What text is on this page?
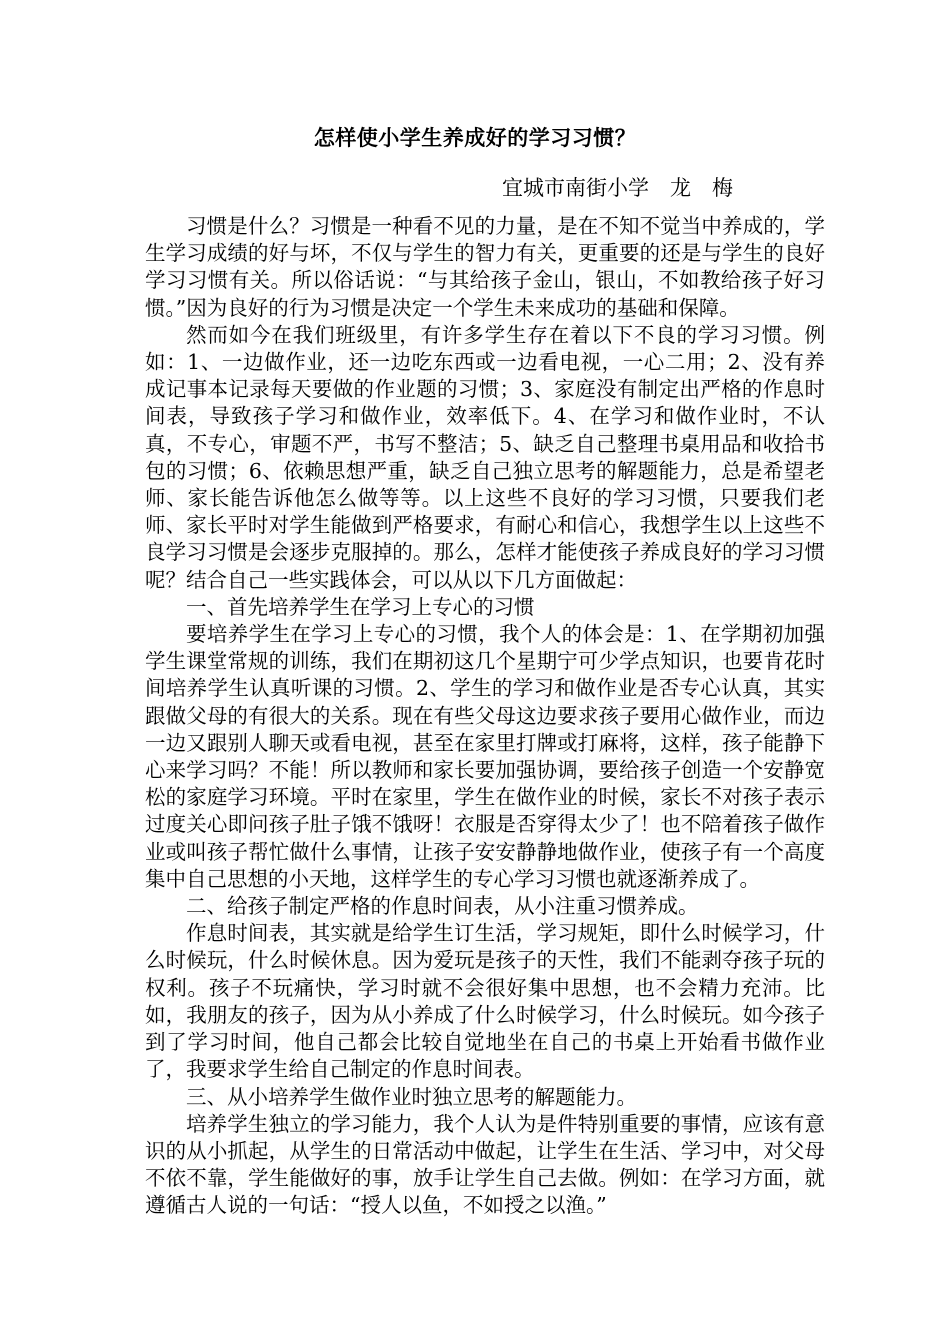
怎样使小学生养成好的学习习惯？
宜城市南街小学　龙　梅

习惯是什么？习惯是一种看不见的力量，是在不知不觉当中养成的，学生学习成绩的好与坏，不仅与学生的智力有关，更重要的还是与学生的良好学习习惯有关。所以俗话说：“与其给孩子金山，银山，不如教给孩子好习惯。”因为良好的行为习惯是决定一个学生未来成功的基础和保障。

然而如今在我们班级里，有许多学生存在着以下不良的学习习惯。例如：1、一边做作业，还一边吃东西或一边看电视，一心二用；2、没有养成记事本记录每天要做的作业题的习惯；3、家庭没有制定出严格的作息时间表，导致孩子学习和做作业，效率低下。4、在学习和做作业时，不认真，不专心，审题不严，书写不整洁；5、缺乏自己整理书桌用品和收拾书包的习惯；6、依赖思想严重，缺乏自己独立思考的解题能力，总是希望老师、家长能告诉他怎么做等等。以上这些不良好的学习习惯，只要我们老师、家长平时对学生能做到严格要求，有耐心和信心，我想学生以上这些不良学习习惯是会逐步克服掉的。那么，怎样才能使孩子养成良好的学习习惯呢？结合自己一些实践体会，可以从以下几方面做起：

一、首先培养学生在学习上专心的习惯

要培养学生在学习上专心的习惯，我个人的体会是：1、在学期初加强学生课堂常规的训练，我们在期初这几个星期宁可少学点知识，也要肯花时间培养学生认真听课的习惯。2、学生的学习和做作业是否专心认真，其实跟做父母的有很大的关系。现在有些父母这边要求孩子要用心做作业，而边一边又跟别人聊天或看电视，甚至在家里打牌或打麻将，这样，孩子能静下心来学习吗？不能！所以教师和家长要加强协调，要给孩子创造一个安静宽松的家庭学习环境。平时在家里，学生在做作业的时候，家长不对孩子表示过度关心即问孩子肚子饿不饿呀！衣服是否穿得太少了！也不陪着孩子做作业或叫孩子帮忙做什么事情，让孩子安安静静地做作业，使孩子有一个高度集中自己思想的小天地，这样学生的专心学习习惯也就逐渐养成了。

二、给孩子制定严格的作息时间表，从小注重习惯养成。

作息时间表，其实就是给学生订生活，学习规矩，即什么时候学习，什么时候玩，什么时候休息。因为爱玩是孩子的天性，我们不能剥夺孩子玩的权利。孩子不玩痛快，学习时就不会很好集中思想，也不会精力充沛。比如，我朋友的孩子，因为从小养成了什么时候学习，什么时候玩。如今孩子到了学习时间，他自己都会比较自觉地坐在自己的书桌上开始看书做作业了，我要求学生给自己制定的作息时间表。

三、从小培养学生做作业时独立思考的解题能力。

培养学生独立的学习能力，我个人认为是件特别重要的事情，应该有意识的从小抓起，从学生的日常活动中做起，让学生在生活、学习中，对父母不依不靠，学生能做好的事，放手让学生自己去做。例如：在学习方面，就遵循古人说的一句话：“授人以鱼，不如授之以渔。”
